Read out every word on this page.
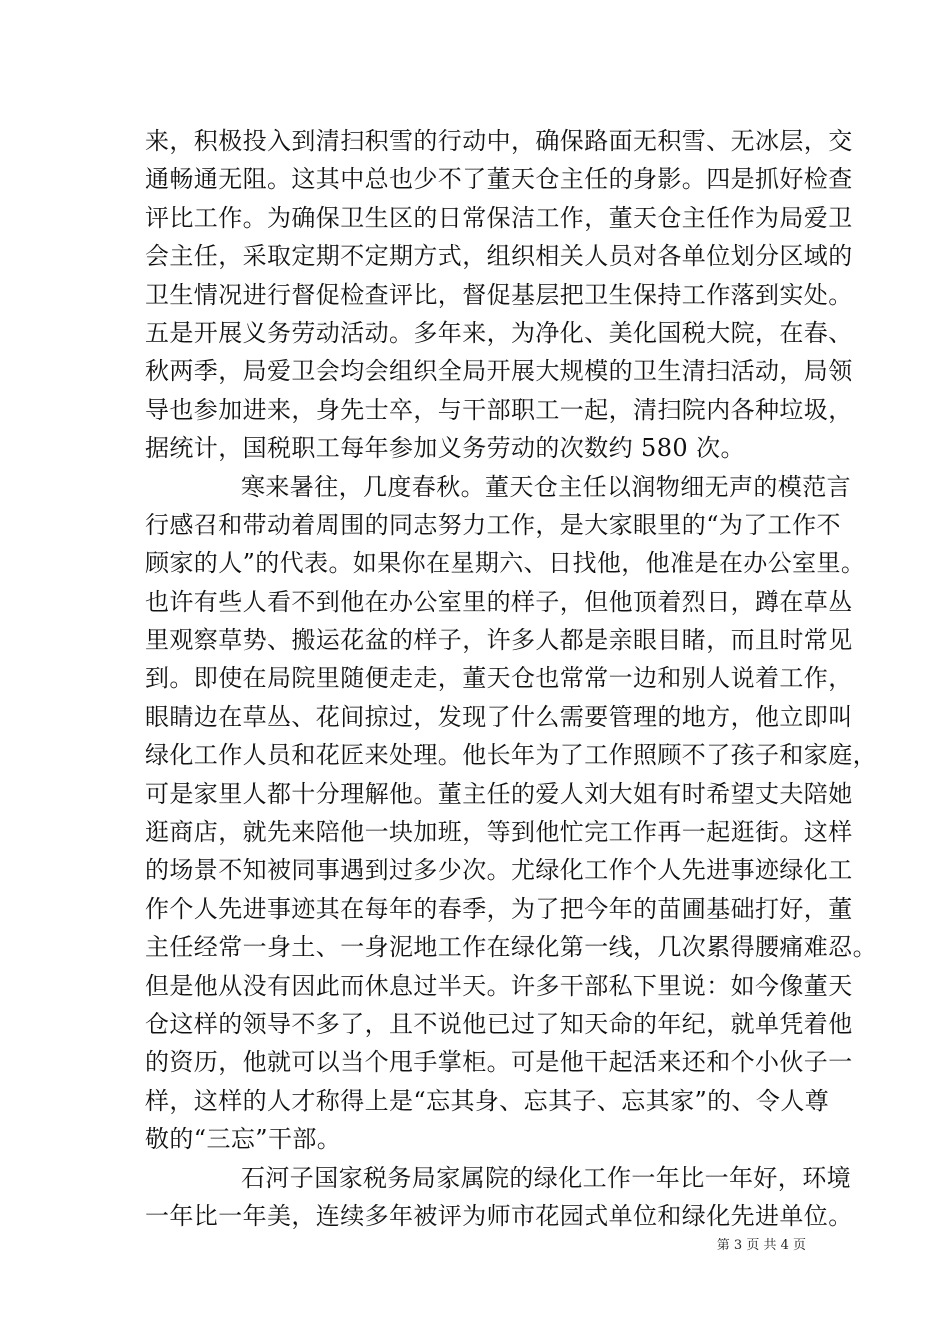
来，积极投入到清扫积雪的行动中，确保路面无积雪、无冰层，交
通畅通无阻。这其中总也少不了董天仓主任的身影。四是抓好检查
评比工作。为确保卫生区的日常保洁工作，董天仓主任作为局爱卫
会主任，采取定期不定期方式，组织相关人员对各单位划分区域的
卫生情况进行督促检查评比，督促基层把卫生保持工作落到实处。
五是开展义务劳动活动。多年来，为净化、美化国税大院，在春、
秋两季，局爱卫会均会组织全局开展大规模的卫生清扫活动，局领
导也参加进来，身先士卒，与干部职工一起，清扫院内各种垃圾，
据统计，国税职工每年参加义务劳动的次数约 580 次。
寒来暑往，几度春秋。董天仓主任以润物细无声的模范言
行感召和带动着周围的同志努力工作，是大家眼里的“为了工作不
顾家的人”的代表。如果你在星期六、日找他，他准是在办公室里。
也许有些人看不到他在办公室里的样子，但他顶着烈日，蹲在草丛
里观察草势、搬运花盆的样子，许多人都是亲眼目睹，而且时常见
到。即使在局院里随便走走，董天仓也常常一边和别人说着工作，
眼睛边在草丛、花间掠过，发现了什么需要管理的地方，他立即叫
绿化工作人员和花匠来处理。他长年为了工作照顾不了孩子和家庭，
可是家里人都十分理解他。董主任的爱人刘大姐有时希望丈夫陪她
逛商店，就先来陪他一块加班，等到他忙完工作再一起逛街。这样
的场景不知被同事遇到过多少次。尤绿化工作个人先进事迹绿化工
作个人先进事迹其在每年的春季，为了把今年的苗圃基础打好，董
主任经常一身土、一身泥地工作在绿化第一线，几次累得腰痛难忍。
但是他从没有因此而休息过半天。许多干部私下里说：如今像董天
仓这样的领导不多了，且不说他已过了知天命的年纪，就单凭着他
的资历，他就可以当个甩手掌柜。可是他干起活来还和个小伙子一
样，这样的人才称得上是“忘其身、忘其子、忘其家”的、令人尊
敬的“三忘”干部。
石河子国家税务局家属院的绿化工作一年比一年好，环境
一年比一年美，连续多年被评为师市花园式单位和绿化先进单位。
第 3 页 共 4 页
